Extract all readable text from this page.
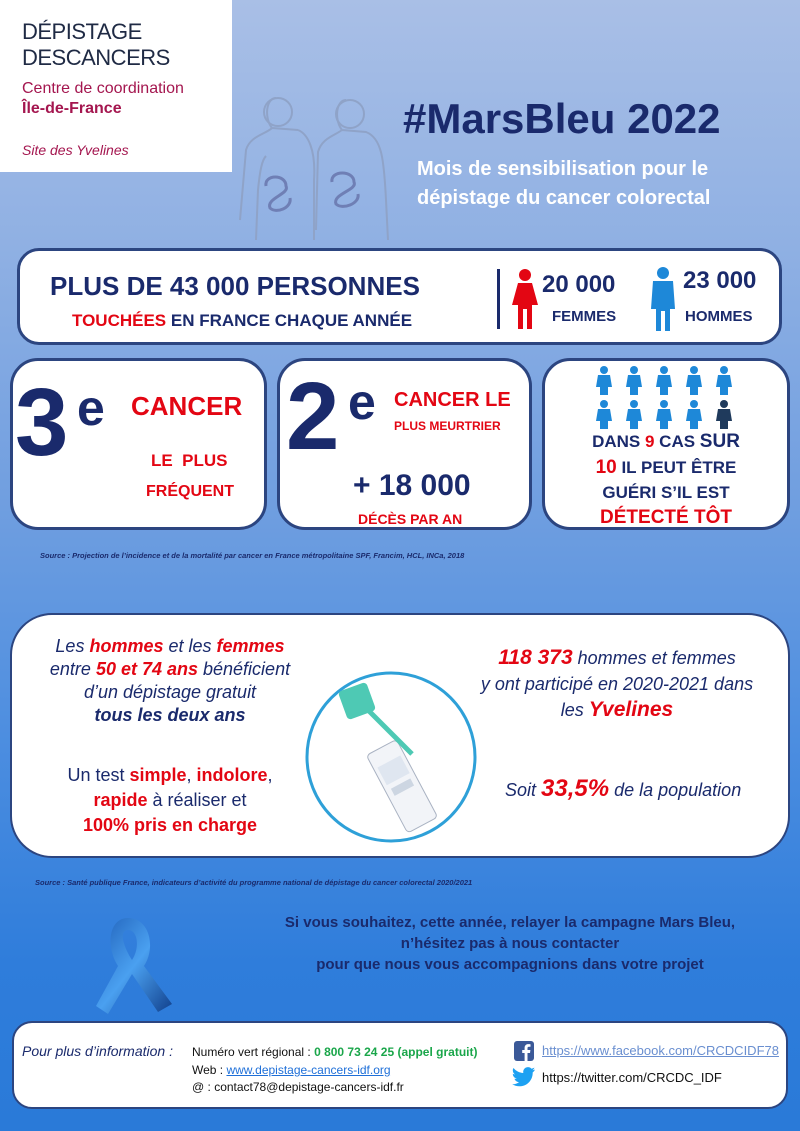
DÉPISTAGE
DESCANCERS
Centre de coordination
Île-de-France
Site des Yvelines
#MarsBleu 2022
Mois de sensibilisation pour le dépistage du cancer colorectal
PLUS DE 43 000 PERSONNES
TOUCHÉES EN FRANCE CHAQUE ANNÉE
20 000
FEMMES
23 000
HOMMES
3 e CANCER
LE  PLUS
FRÉQUENT
2 e CANCER LE
PLUS MEURTRIER
+ 18 000
DÉCÈS PAR AN
DANS 9 CAS SUR
10 IL PEUT ÊTRE
GUÉRI S’IL EST
DÉTECTÉ TÔT
Source : Projection de l’incidence et de la mortalité par cancer en France métropolitaine SPF, Francim, HCL, INCa, 2018
Les hommes et les femmes
entre 50 et 74 ans bénéficient
d’un dépistage gratuit
tous les deux ans
Un test simple, indolore,
rapide à réaliser et
100% pris en charge
118 373 hommes et femmes
y ont participé en 2020-2021 dans
les Yvelines
Soit 33,5% de la population
Source : Santé publique France, indicateurs d’activité du programme national de dépistage du cancer colorectal 2020/2021
Si vous souhaitez, cette année, relayer la campagne Mars Bleu,
n’hésitez pas à nous contacter
pour que nous vous accompagnions dans votre projet
Pour plus d’information : Numéro vert régional : 0 800 73 24 25 (appel gratuit)
Web : www.depistage-cancers-idf.org
@ : contact78@depistage-cancers-idf.fr
https://www.facebook.com/CRCDCIDF78
https://twitter.com/CRCDC_IDF
